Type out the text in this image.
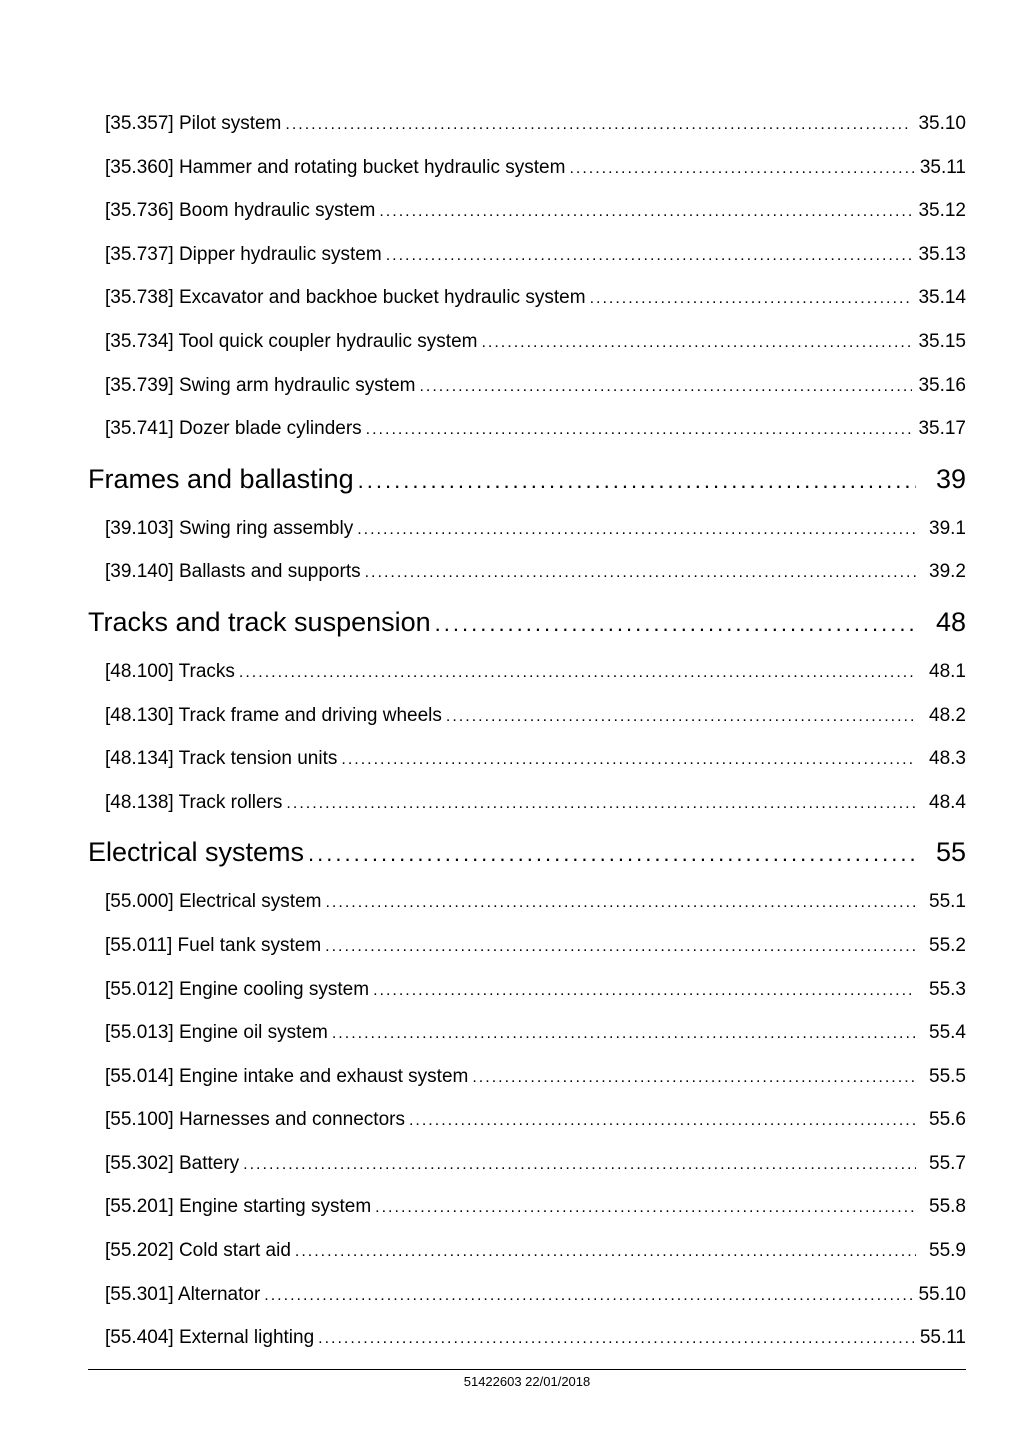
[35.357] Pilot system .....	35.10
[35.360] Hammer and rotating bucket hydraulic system .....	35.11
[35.736] Boom hydraulic system .....	35.12
[35.737] Dipper hydraulic system .....	35.13
[35.738] Excavator and backhoe bucket hydraulic system .....	35.14
[35.734] Tool quick coupler hydraulic system .....	35.15
[35.739] Swing arm hydraulic system .....	35.16
[35.741] Dozer blade cylinders .....	35.17
Frames and ballasting .....	39
[39.103] Swing ring assembly .....	39.1
[39.140] Ballasts and supports .....	39.2
Tracks and track suspension .....	48
[48.100] Tracks .....	48.1
[48.130] Track frame and driving wheels .....	48.2
[48.134] Track tension units .....	48.3
[48.138] Track rollers .....	48.4
Electrical systems .....	55
[55.000] Electrical system .....	55.1
[55.011] Fuel tank system .....	55.2
[55.012] Engine cooling system .....	55.3
[55.013] Engine oil system .....	55.4
[55.014] Engine intake and exhaust system .....	55.5
[55.100] Harnesses and connectors .....	55.6
[55.302] Battery .....	55.7
[55.201] Engine starting system .....	55.8
[55.202] Cold start aid .....	55.9
[55.301] Alternator .....	55.10
[55.404] External lighting .....	55.11
51422603 22/01/2018
